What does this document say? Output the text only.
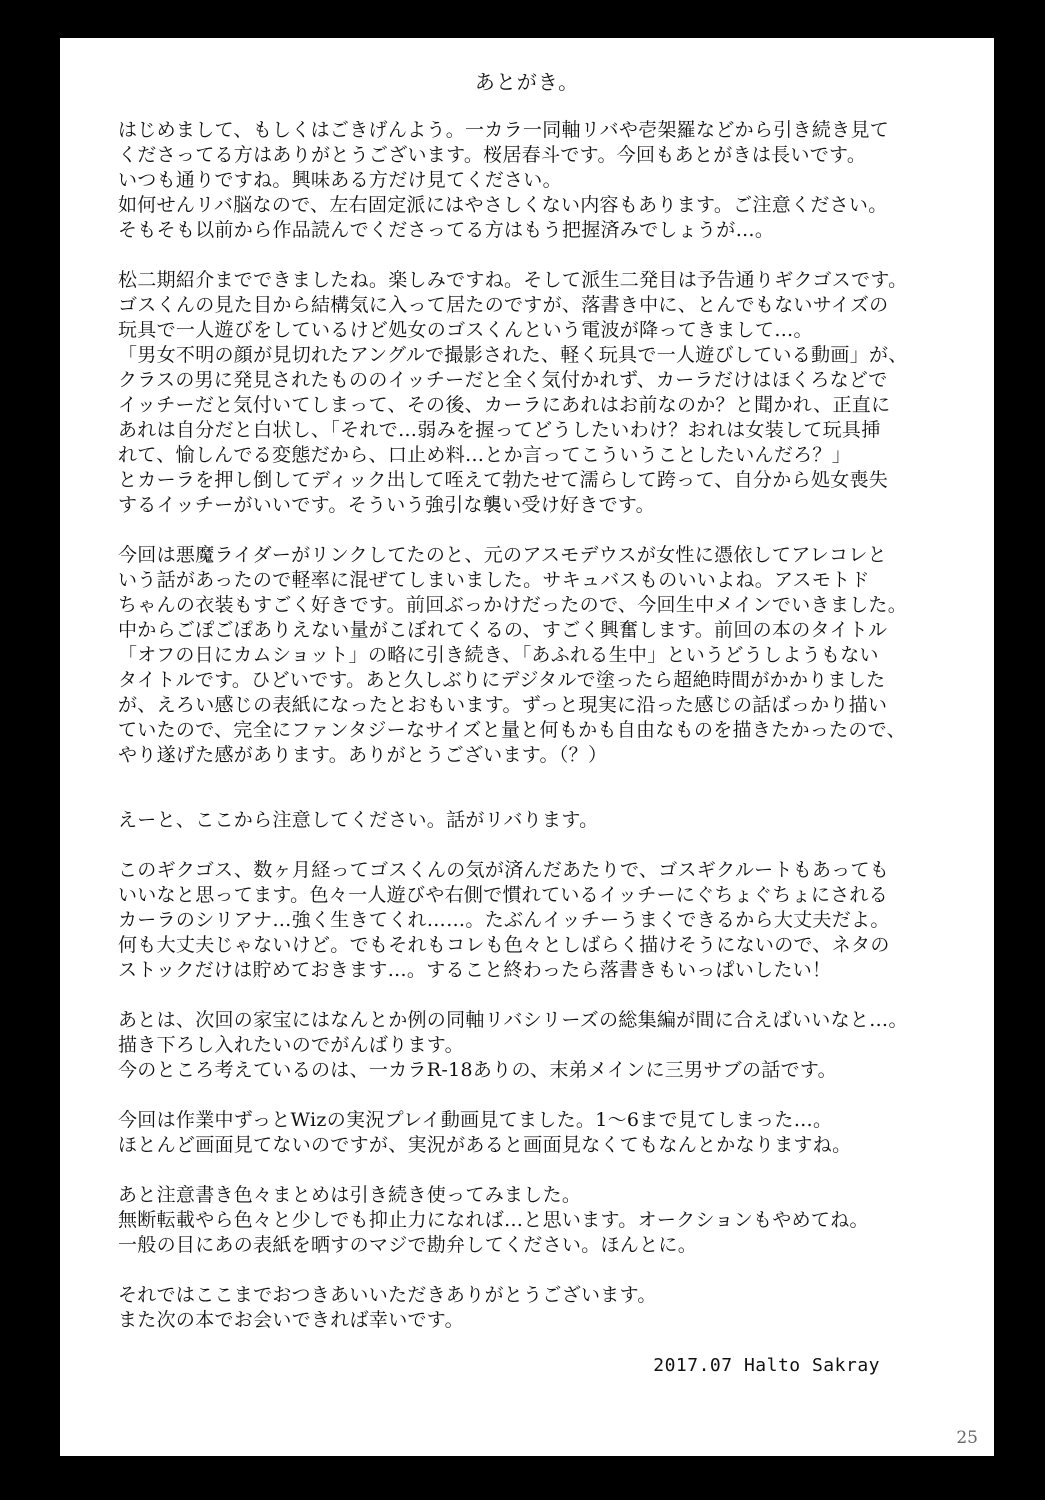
あとがき。
はじめまして、もしくはごきげんよう。一カラ一同軸リバや壱架羅などから引き続き見て
くださってる方はありがとうございます。桜居春斗です。今回もあとがきは長いです。
いつも通りですね。興味ある方だけ見てください。
如何せんリバ脳なので、左右固定派にはやさしくない内容もあります。ご注意ください。
そもそも以前から作品読んでくださってる方はもう把握済みでしょうが…。
松二期紹介までできましたね。楽しみですね。そして派生二発目は予告通りギクゴスです。
ゴスくんの見た目から結構気に入って居たのですが、落書き中に、とんでもないサイズの
玩具で一人遊びをしているけど処女のゴスくんという電波が降ってきまして…。
「男女不明の顔が見切れたアングルで撮影された、軽く玩具で一人遊びしている動画」が、
クラスの男に発見されたもののイッチーだと全く気付かれず、カーラだけはほくろなどで
イッチーだと気付いてしまって、その後、カーラにあれはお前なのか？と聞かれ、正直に
あれは自分だと白状し、「それで…弱みを握ってどうしたいわけ？おれは女装して玩具挿
れて、愉しんでる変態だから、口止め料…とか言ってこういうことしたいんだろ？」
とカーラを押し倒してディック出して咥えて勃たせて濡らして跨って、自分から処女喪失
するイッチーがいいです。そういう強引な襲い受け好きです。
今回は悪魔ライダーがリンクしてたのと、元のアスモデウスが女性に憑依してアレコレと
いう話があったので軽率に混ぜてしまいました。サキュバスものいいよね。アスモトド
ちゃんの衣装もすごく好きです。前回ぶっかけだったので、今回生中メインでいきました。
中からごぽごぽありえない量がこぼれてくるの、すごく興奮します。前回の本のタイトル
「オフの日にカムショット」の略に引き続き、「あふれる生中」というどうしようもない
タイトルです。ひどいです。あと久しぶりにデジタルで塗ったら超絶時間がかかりました
が、えろい感じの表紙になったとおもいます。ずっと現実に沿った感じの話ばっかり描い
ていたので、完全にファンタジーなサイズと量と何もかも自由なものを描きたかったので、
やり遂げた感があります。ありがとうございます。（？）
えーと、ここから注意してください。話がリバります。
このギクゴス、数ヶ月経ってゴスくんの気が済んだあたりで、ゴスギクルートもあっても
いいなと思ってます。色々一人遊びや右側で慣れているイッチーにぐちょぐちょにされる
カーラのシリアナ…強く生きてくれ……。たぶんイッチーうまくできるから大丈夫だよ。
何も大丈夫じゃないけど。でもそれもコレも色々としばらく描けそうにないので、ネタの
ストックだけは貯めておきます…。すること終わったら落書きもいっぱいしたい！
あとは、次回の家宝にはなんとか例の同軸リバシリーズの総集編が間に合えばいいなと…。
描き下ろし入れたいのでがんばります。
今のところ考えているのは、一カラR-18ありの、末弟メインに三男サブの話です。
今回は作業中ずっとWizの実況プレイ動画見てました。1～6まで見てしまった…。
ほとんど画面見てないのですが、実況があると画面見なくてもなんとかなりますね。
あと注意書き色々まとめは引き続き使ってみました。
無断転載やら色々と少しでも抑止力になれば…と思います。オークションもやめてね。
一般の目にあの表紙を晒すのマジで勘弁してください。ほんとに。
それではここまでおつきあいいただきありがとうございます。
また次の本でお会いできれば幸いです。
2017.07 Halto Sakray
25
